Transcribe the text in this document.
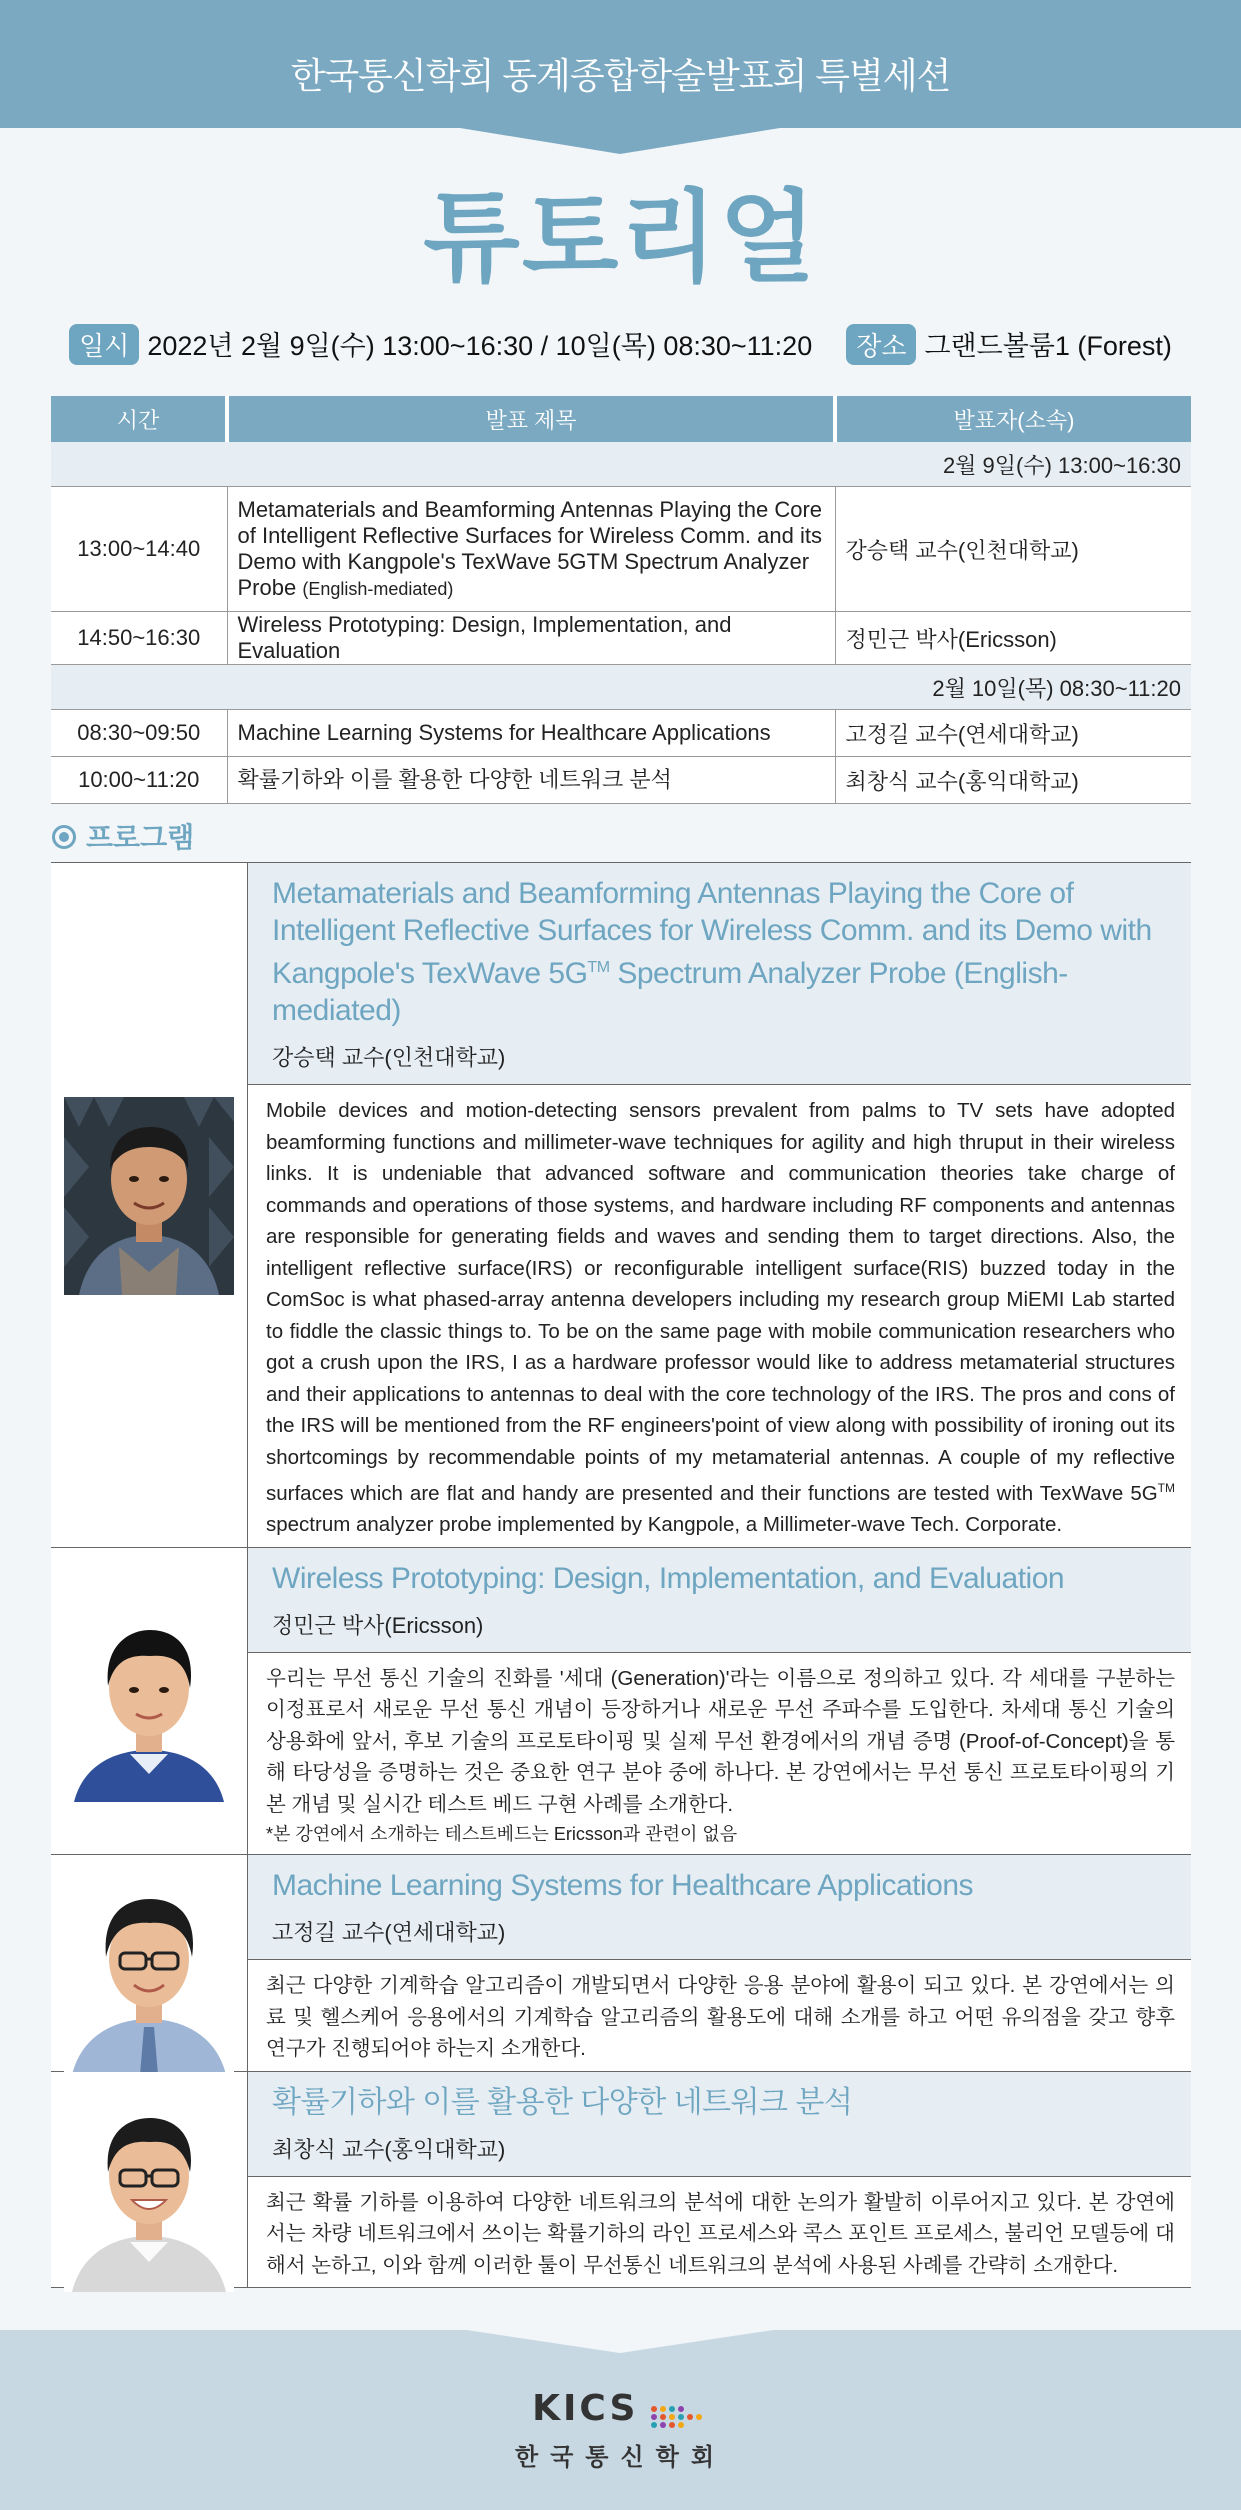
한국통신학회 동계종합학술발표회 특별세션
튜토리얼
일시 2022년 2월 9일(수) 13:00~16:30 / 10일(목) 08:30~11:20 장소 그랜드볼룸1 (Forest)
시간	발표 제목	발표자(소속)
2월 9일(수) 13:00~16:30		
13:00~14:40	Metamaterials and Beamforming Antennas Playing the Core of Intelligent Reflective Surfaces for Wireless Comm. and its Demo with Kangpole's TexWave 5GTM Spectrum Analyzer Probe (English-mediated)	강승택 교수(인천대학교)
14:50~16:30	Wireless Prototyping: Design, Implementation, and Evaluation	정민근 박사(Ericsson)
2월 10일(목) 08:30~11:20		
08:30~09:50	Machine Learning Systems for Healthcare Applications	고정길 교수(연세대학교)
10:00~11:20	확률기하와 이를 활용한 다양한 네트워크 분석	최창식 교수(홍익대학교)
프로그램
Metamaterials and Beamforming Antennas Playing the Core of Intelligent Reflective Surfaces for Wireless Comm. and its Demo with Kangpole's TexWave 5G™ Spectrum Analyzer Probe (English-mediated)
강승택 교수(인천대학교)
Mobile devices and motion-detecting sensors prevalent from palms to TV sets have adopted beamforming functions and millimeter-wave techniques for agility and high thruput in their wireless links. It is undeniable that advanced software and communication theories take charge of commands and operations of those systems, and hardware including RF components and antennas are responsible for generating fields and waves and sending them to target directions. Also, the intelligent reflective surface(IRS) or reconfigurable intelligent surface(RIS) buzzed today in the ComSoc is what phased-array antenna developers including my research group MiEMI Lab started to fiddle the classic things to. To be on the same page with mobile communication researchers who got a crush upon the IRS, I as a hardware professor would like to address metamaterial structures and their applications to antennas to deal with the core technology of the IRS. The pros and cons of the IRS will be mentioned from the RF engineers'point of view along with possibility of ironing out its shortcomings by recommendable points of my metamaterial antennas. A couple of my reflective surfaces which are flat and handy are presented and their functions are tested with TexWave 5G™ spectrum analyzer probe implemented by Kangpole, a Millimeter-wave Tech. Corporate.
Wireless Prototyping: Design, Implementation, and Evaluation
정민근 박사(Ericsson)
우리는 무선 통신 기술의 진화를 '세대 (Generation)'라는 이름으로 정의하고 있다. 각 세대를 구분하는 이정표로서 새로운 무선 통신 개념이 등장하거나 새로운 무선 주파수를 도입한다. 차세대 통신 기술의 상용화에 앞서, 후보 기술의 프로토타이핑 및 실제 무선 환경에서의 개념 증명 (Proof-of-Concept)을 통해 타당성을 증명하는 것은 중요한 연구 분야 중에 하나다. 본 강연에서는 무선 통신 프로토타이핑의 기본 개념 및 실시간 테스트 베드 구현 사례를 소개한다.
*본 강연에서 소개하는 테스트베드는 Ericsson과 관련이 없음
Machine Learning Systems for Healthcare Applications
고정길 교수(연세대학교)
최근 다양한 기계학습 알고리즘이 개발되면서 다양한 응용 분야에 활용이 되고 있다. 본 강연에서는 의료 및 헬스케어 응용에서의 기계학습 알고리즘의 활용도에 대해 소개를 하고 어떤 유의점을 갖고 향후 연구가 진행되어야 하는지 소개한다.
확률기하와 이를 활용한 다양한 네트워크 분석
최창식 교수(홍익대학교)
최근 확률 기하를 이용하여 다양한 네트워크의 분석에 대한 논의가 활발히 이루어지고 있다. 본 강연에서는 차량 네트워크에서 쓰이는 확률기하의 라인 프로세스와 콕스 포인트 프로세스, 불리언 모델등에 대해서 논하고, 이와 함께 이러한 툴이 무선통신 네트워크의 분석에 사용된 사례를 간략히 소개한다.
KICS
한국통신학회
